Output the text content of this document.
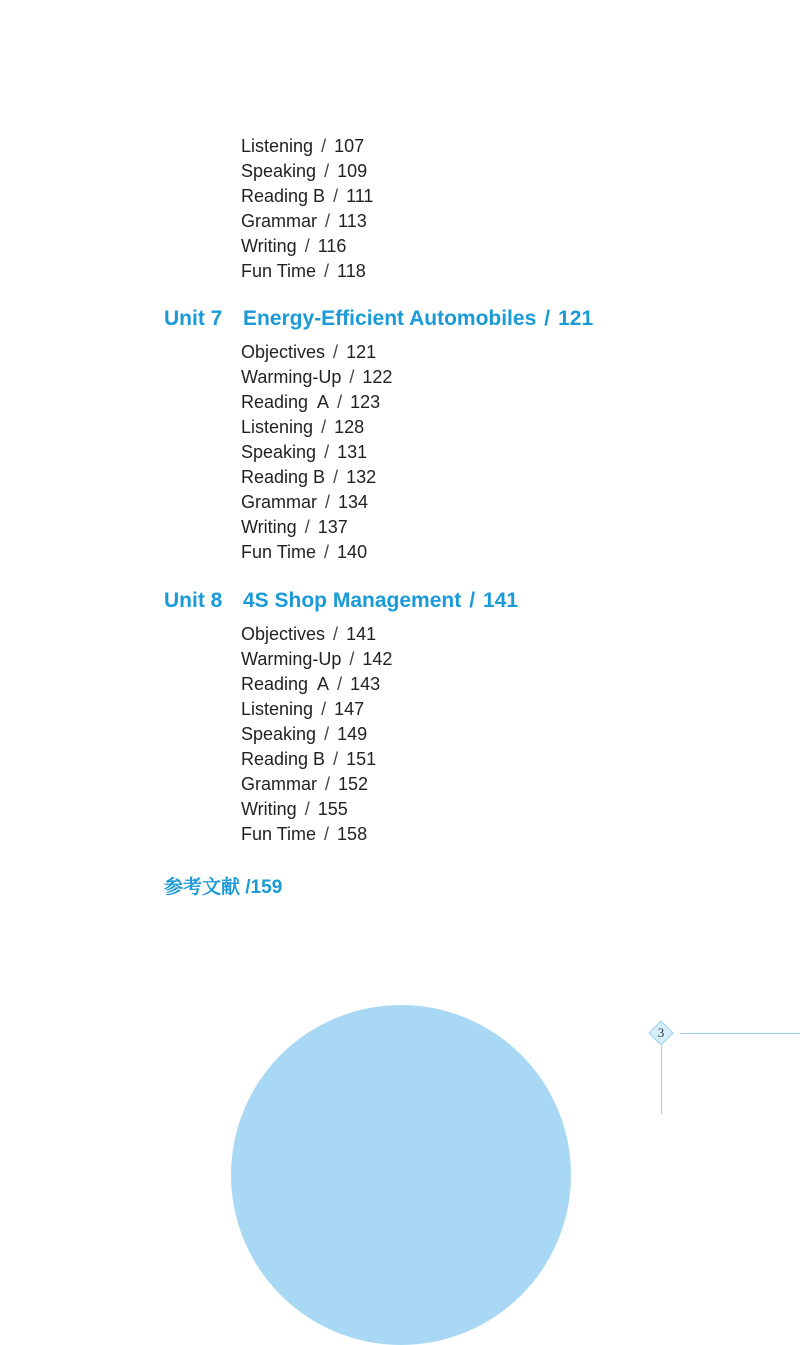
Listening / 107
Speaking / 109
Reading B / 111
Grammar / 113
Writing / 116
Fun Time / 118
Unit 7 Energy-Efficient Automobiles / 121
Objectives / 121
Warming-Up / 122
Reading  A / 123
Listening / 128
Speaking / 131
Reading B / 132
Grammar / 134
Writing / 137
Fun Time / 140
Unit 8 4S Shop Management / 141
Objectives / 141
Warming-Up / 142
Reading  A / 143
Listening / 147
Speaking / 149
Reading B / 151
Grammar / 152
Writing / 155
Fun Time / 158
参考文献 /159
3
